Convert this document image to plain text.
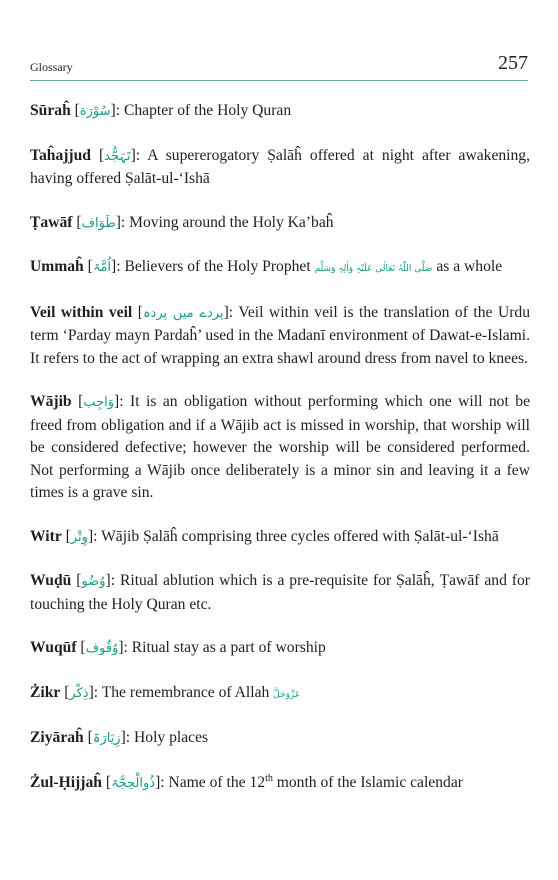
Glossary	257

Sūraĥ [سُوْرَة]: Chapter of the Holy Quran

Taĥajjud [تَہَجُّد]: A supererogatory Ṣalāĥ offered at night after awakening, having offered Ṣalāt-ul-‘Ishā

Ṭawāf [طَوَاف]: Moving around the Holy Ka’baĥ

Ummaĥ [اُمَّۃ]: Believers of the Holy Prophet صَلَّی اللّٰہُ تَعَالٰی عَلَیْہِ وَاٰلِہٖ وَسَلَّم as a whole

Veil within veil [پردے میں پردہ]: Veil within veil is the translation of the Urdu term ‘Parday mayn Pardaĥ’ used in the Madanī environment of Dawat-e-Islami. It refers to the act of wrapping an extra shawl around dress from navel to knees.

Wājib [وَاجِب]: It is an obligation without performing which one will not be freed from obligation and if a Wājib act is missed in worship, that worship will be considered defective; however the worship will be considered performed. Not performing a Wājib once deliberately is a minor sin and leaving it a few times is a grave sin.

Witr [وِتْر]: Wājib Ṣalāĥ comprising three cycles offered with Ṣalāt-ul-‘Ishā

Wuḍū [وُضُو]: Ritual ablution which is a pre-requisite for Ṣalāĥ, Ṭawāf and for touching the Holy Quran etc.

Wuqūf [وُقُوف]: Ritual stay as a part of worship

Żikr [ذِکْر]: The remembrance of Allah عَزَّوَجَلَّ

Ziyāraĥ [زِیَارَۃ]: Holy places

Żul-Ḥijjaĥ [ذُوالْحِجَّۃ]: Name of the 12th month of the Islamic calendar
